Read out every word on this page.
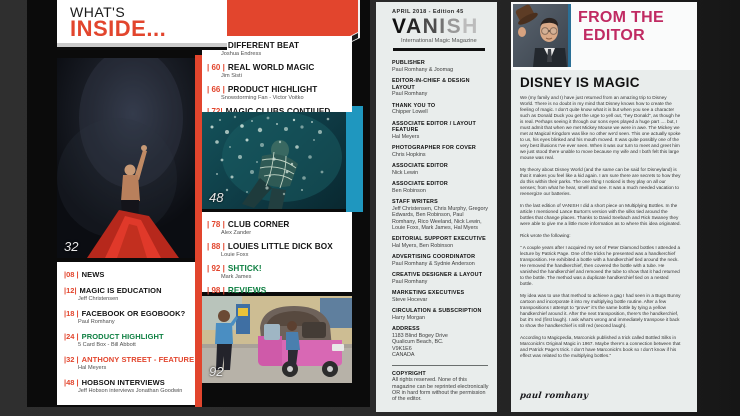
WHAT'S
INSIDE...
32
|08 | NEWS
|12| MAGIC IS EDUCATION
Jeff Christensen
|18 | FACEBOOK OR EGOBOOK?
Paul Romhany
|24 | PRODUCT HIGHLIGHT
5 Card Box - Bill Abbott
|32 | ANTHONY STREET - FEATURE
Hal Meyers
|48 | HOBSON INTERVIEWS
Jeff Hobson interviews Jonathan Goodwin
DIFFERENT BEAT
Joshua Endress
| 60 | REAL WORLD MAGIC
Jim Sisti
| 66 | PRODUCT HIGHLIGHT
Snowstorming Fan - Victor Voitko
48
| 78 | CLUB CORNER
Alex Zander
| 88 | LOUIES LITTLE DICK BOX
Louie Foxx
| 92 | SHTICK!
Mark James
| 98 | REVIEWS
92
APRIL 2018 - Edition 45
VANISH
International Magic Magazine
PUBLISHER
Paul Romhany & Joomag
EDITOR-IN-CHIEF & DESIGN LAYOUT
Paul Romhany
THANK YOU TO
Chipper Lowell
ASSOCIATE EDITOR / LAYOUT FEATURE
Hal Meyers
PHOTOGRAPHER FOR COVER
Chris Hopkins
ASSOCIATE EDITOR
Nick Lewin
ASSOCIATE EDITOR
Ben Robinson
STAFF WRITERS
Jeff Christensen, Chris Murphy, Gregory Edwards, Ben Robinson, Paul Romhany, Rico Weeland, Nick Lewin, Louie Foxx, Mark James, Hal Myers
EDITORIAL SUPPORT EXECUTIVE
Hal Myers, Ben Robinson
ADVERTISING COORDINATOR
Paul Romhany & Sydnie Anderson
CREATIVE DESIGNER & LAYOUT
Paul Romhany
MARKETING EXECUTIVES
Steve Hocevar
CIRCULATION & SUBSCRIPTION
Harry Morgan
ADDRESS
1183 Blind Bogey Drive
Qualicum Beach, BC.
V9K1E6
CANADA
COPYRIGHT
All rights reserved. None of this magazine can be reprinted electronically OR in hard form without the permission of the editor.
FROM THE
EDITOR
DISNEY IS MAGIC

We (my family and I) have just returned from an amazing trip to Disney World. There is no doubt in my mind that Disney knows how to create the feeling of magic. I don't quite know what it is but when you see a character such as Donald Duck you get the urge to yell out, "hey Donald", as though he is real. Perhaps seeing it through our sons eyes played a huge part .... but, I must admit that when we met Mickey Mouse we were in awe. The Mickey we met at Magical Kingdom was like no other we'd seen. This one actually spoke to us, his eyes blinked and his mouth moved. It was quite possibly one of the very best illusions I've ever seen. When it was our turn to meet and greet him we just stood there unable to move because my wife and I both felt this large mouse was real.

My theory about Disney World (and the same can be said for Disneyland) is that it makes you feel like a kid again. I am sure there are secrets to how they do this within their parks. The one thing I noticed is they play on all our senses; from what he hear, smell and see. It was a much needed vacation to reenergize our batteries.

In the last edition of VANISH I did a short piece on Multiplying Bottles. In the article I mentioned Lance Burton's version with the silks tied around the bottles that change places. Thanks to David Seebach and Rick Swaney they were able to give me a little more information as to where this idea originated.

Rick wrote the following:

" A couple years after I acquired my set of Peter Diamond bottles I attended a lecture by Patrick Page. One of the tricks he presented was a handkerchief transposition. He exhibited a bottle with a handkerchief tied around the neck. He removed the handkerchief, then covered the bottle with a tube. He vanished the handkerchief and removed the tube to show that it had returned to the bottle. The method was a duplicate handkerchief tied on a nested bottle.

My idea was to use that method to achieve a gag I had seen in a Bugs Bunny cartoon and incorporate it into my multiplying bottle routine. After a few transpositions I attempt to "prove" it's the same bottle by tying a yellow handkerchief around it. After the next transposition, there's the handkerchief, but it's red (first laugh). I ask what's wrong and immediately transpose it back to show the handkerchief is still red (second laugh).

According to Magicpedia, Marconick published a trick called Bottled Silks in Marconick's Original Magic in 1967. Maybe there's a connection between that and Patrick Page's trick. I don't have Marconick's book so I don't know if his effect was related to the multiplying bottles."

paul romhany
